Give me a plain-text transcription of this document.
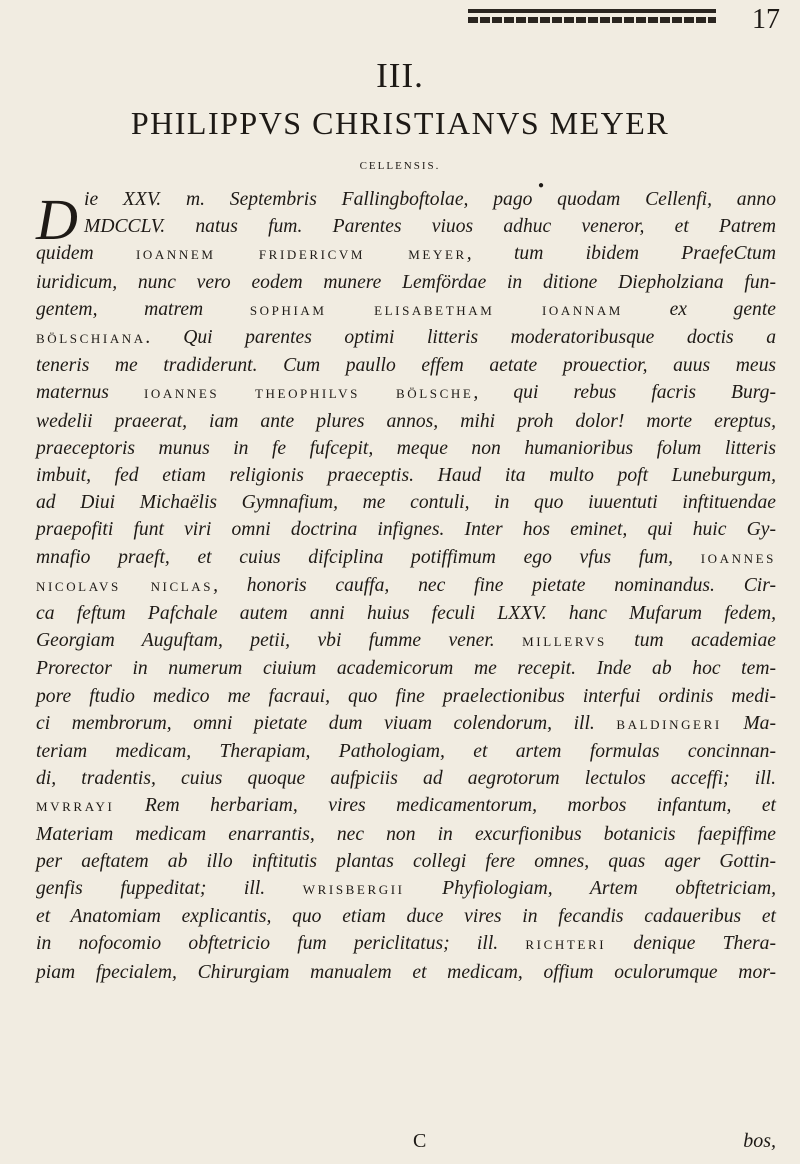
17
III.
PHILIPPVS CHRISTIANVS MEYER
CELLENSIS.
●
D ie XXV. m. Septembris Fallingboftolae, pago quodam Cellenfi, anno
MDCCLV. natus fum. Parentes viuos adhuc veneror, et Patrem
quidem IOANNEM FRIDERICVM MEYER, tum ibidem PraefeCtum
iuridicum, nunc vero eodem munere Lemfördae in ditione Diepholziana fun-
gentem, matrem SOPHIAM ELISABETHAM IOANNAM ex gente
BÖLSCHIANA. Qui parentes optimi litteris moderatoribusque doctis a
teneris me tradiderunt. Cum paullo effem aetate prouectior, auus meus
maternus IOANNES THEOPHILVS BÖLSCHE, qui rebus facris Burg-
wedelii praeerat, iam ante plures annos, mihi proh dolor! morte ereptus,
praeceptoris munus in fe fufcepit, meque non humanioribus folum litteris
imbuit, fed etiam religionis praeceptis. Haud ita multo poft Luneburgum,
ad Diui Michaëlis Gymnafium, me contuli, in quo iuuentuti inftituendae
praepofiti funt viri omni doctrina infignes. Inter hos eminet, qui huic Gy-
mnafio praeft, et cuius difciplina potiffimum ego vfus fum, IOANNES
NICOLAVS NICLAS, honoris cauffa, nec fine pietate nominandus. Cir-
ca feftum Pafchale autem anni huius feculi LXXV. hanc Mufarum fedem,
Georgiam Auguftam, petii, vbi fumme vener. MILLERVS tum academiae
Prorector in numerum ciuium academicorum me recepit. Inde ab hoc tem-
pore ftudio medico me facraui, quo fine praelectionibus interfui ordinis medi-
ci membrorum, omni pietate dum viuam colendorum, ill. BALDINGERI Ma-
teriam medicam, Therapiam, Pathologiam, et artem formulas concinnan-
di, tradentis, cuius quoque aufpiciis ad aegrotorum lectulos acceffi; ill.
MVRRAYI Rem herbariam, vires medicamentorum, morbos infantum, et
Materiam medicam enarrantis, nec non in excurfionibus botanicis faepiffime
per aeftatem ab illo inftitutis plantas collegi fere omnes, quas ager Gottin-
genfis fuppeditat; ill. WRISBERGII Phyfiologiam, Artem obftetriciam,
et Anatomiam explicantis, quo etiam duce vires in fecandis cadaueribus et
in nofocomio obftetricio fum periclitatus; ill. RICHTERI denique Thera-
piam fpecialem, Chirurgiam manualem et medicam, offium oculorumque mor-
C	bos,
